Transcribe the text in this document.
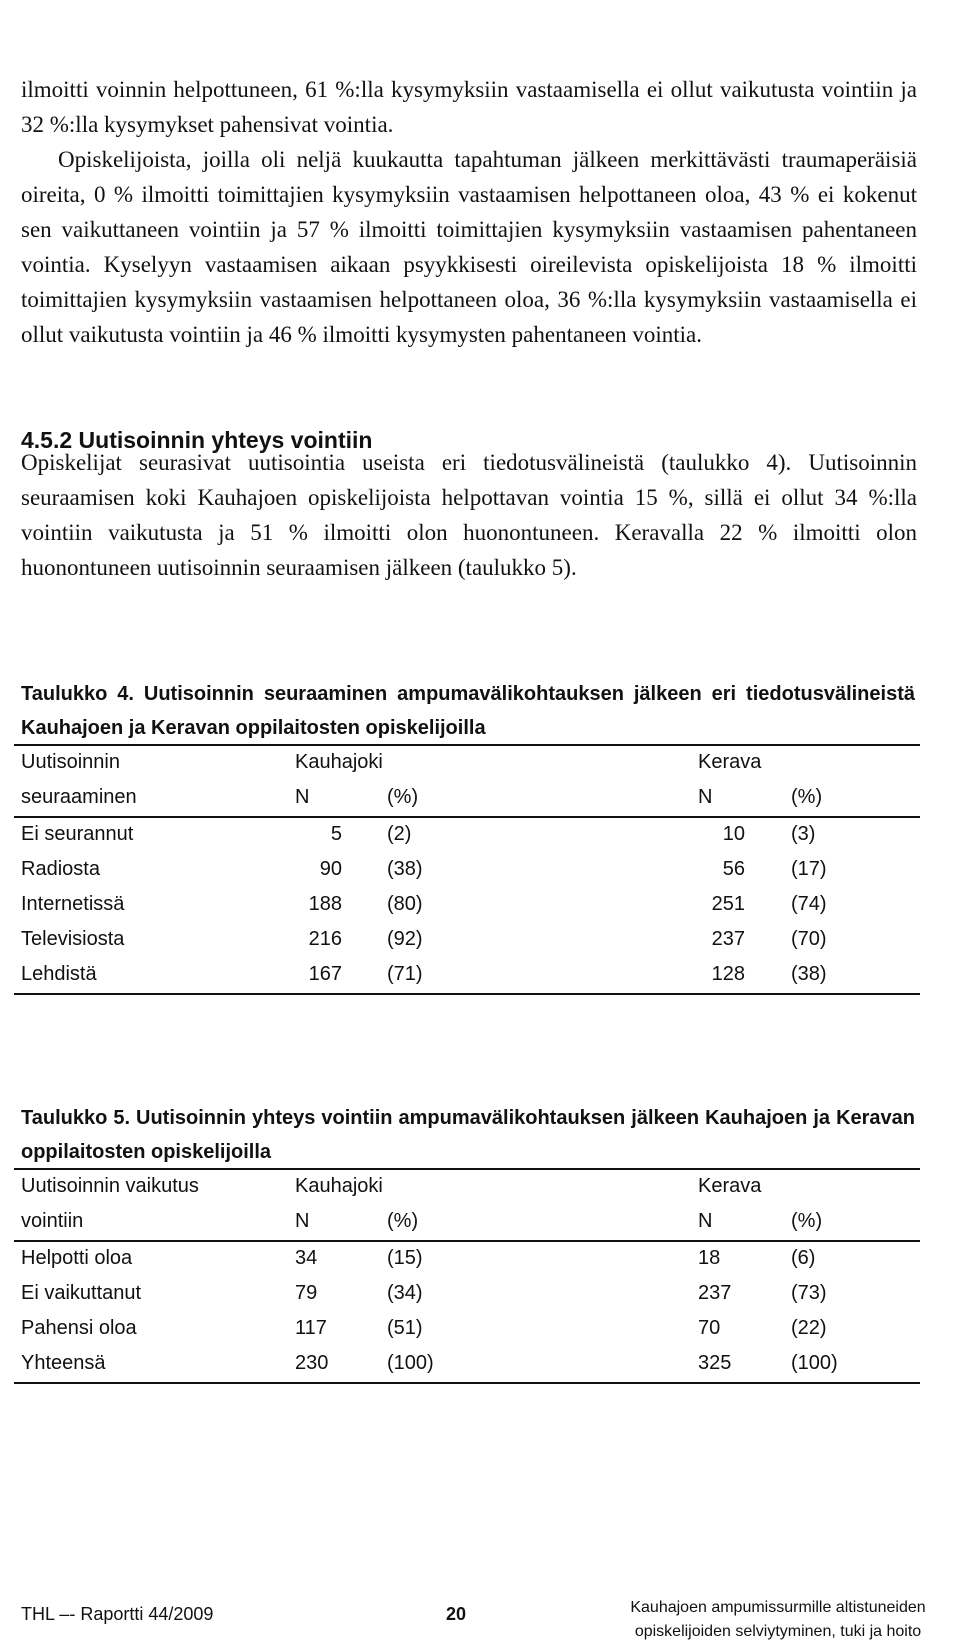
ilmoitti voinnin helpottuneen, 61 %:lla kysymyksiin vastaamisella ei ollut vaikutusta vointiin ja 32 %:lla kysymykset pahensivat vointia.

Opiskelijoista, joilla oli neljä kuukautta tapahtuman jälkeen merkittävästi traumaperäisiä oireita, 0 % ilmoitti toimittajien kysymyksiin vastaamisen helpottaneen oloa, 43 % ei kokenut sen vaikuttaneen vointiin ja 57 % ilmoitti toimittajien kysymyksiin vastaamisen pahentaneen vointia. Kyselyyn vastaamisen aikaan psyykkisesti oireilevista opiskelijoista 18 % ilmoitti toimittajien kysymyksiin vastaamisen helpottaneen oloa, 36 %:lla kysymyksiin vastaamisella ei ollut vaikutusta vointiin ja 46 % ilmoitti kysymysten pahentaneen vointia.

4.5.2 Uutisoinnin yhteys vointiin

Opiskelijat seurasivat uutisointia useista eri tiedotusvälineistä (taulukko 4). Uutisoinnin seuraamisen koki Kauhajoen opiskelijoista helpottavan vointia 15 %, sillä ei ollut 34 %:lla vointiin vaikutusta ja 51 % ilmoitti olon huonontuneen. Keravalla 22 % ilmoitti olon huonontuneen uutisoinnin seuraamisen jälkeen (taulukko 5).

Taulukko 4. Uutisoinnin seuraaminen ampumavälikohtauksen jälkeen eri tiedotusvälineistä Kauhajoen ja Keravan oppilaitosten opiskelijoilla

Uutisoinnin	Kauhajoki	Kerava
seuraaminen	N	(%)	N	(%)
Ei seurannut	5 (2)	10 (3)
Radiosta	90 (38)	56 (17)
Internetissä	188 (80)	251 (74)
Televisiosta	216 (92)	237 (70)
Lehdistä	167 (71)	128 (38)

Taulukko 5. Uutisoinnin yhteys vointiin ampumavälikohtauksen jälkeen Kauhajoen ja Keravan oppilaitosten opiskelijoilla

Uutisoinnin vaikutus	Kauhajoki	Kerava
vointiin	N	(%)	N	(%)
Helpotti oloa	34	(15)	18	(6)
Ei vaikuttanut	79	(34)	237	(73)
Pahensi oloa	117	(51)	70	(22)
Yhteensä	230	(100)	325	(100)
THL –- Raportti 44/2009	20	Kauhajoen ampumissurmille altistuneiden
opiskelijoiden selviytyminen, tuki ja hoito
